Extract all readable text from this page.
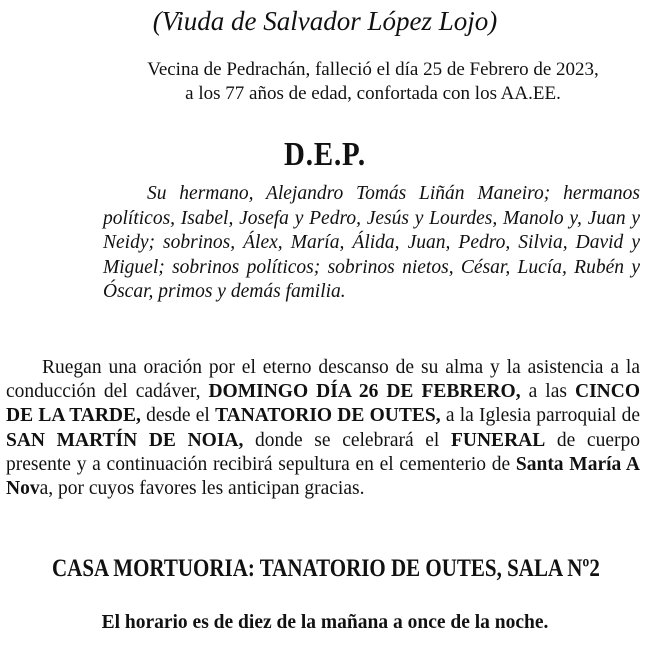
(Viuda de Salvador López Lojo)
Vecina de Pedrachán, falleció el día 25 de Febrero de 2023,
a los 77 años de edad, confortada con los AA.EE.
D.E.P.
Su hermano, Alejandro Tomás Liñán Maneiro; hermanos políticos, Isabel, Josefa y Pedro, Jesús y Lourdes, Manolo y, Juan y Neidy; sobrinos, Álex, María, Álida, Juan, Pedro, Silvia, David y Miguel; sobrinos políticos; sobrinos nietos, César, Lucía, Rubén y Óscar, primos y demás familia.
Ruegan una oración por el eterno descanso de su alma y la asistencia a la conducción del cadáver, DOMINGO DÍA 26 DE FEBRERO, a las CINCO DE LA TARDE, desde el TANATORIO DE OUTES, a la Iglesia parroquial de SAN MARTÍN DE NOIA, donde se celebrará el FUNERAL de cuerpo presente y a continuación recibirá sepultura en el cementerio de Santa María A Nova, por cuyos favores les anticipan gracias.
CASA MORTUORIA: TANATORIO DE OUTES, SALA Nº2
El horario es de diez de la mañana a once de la noche.
